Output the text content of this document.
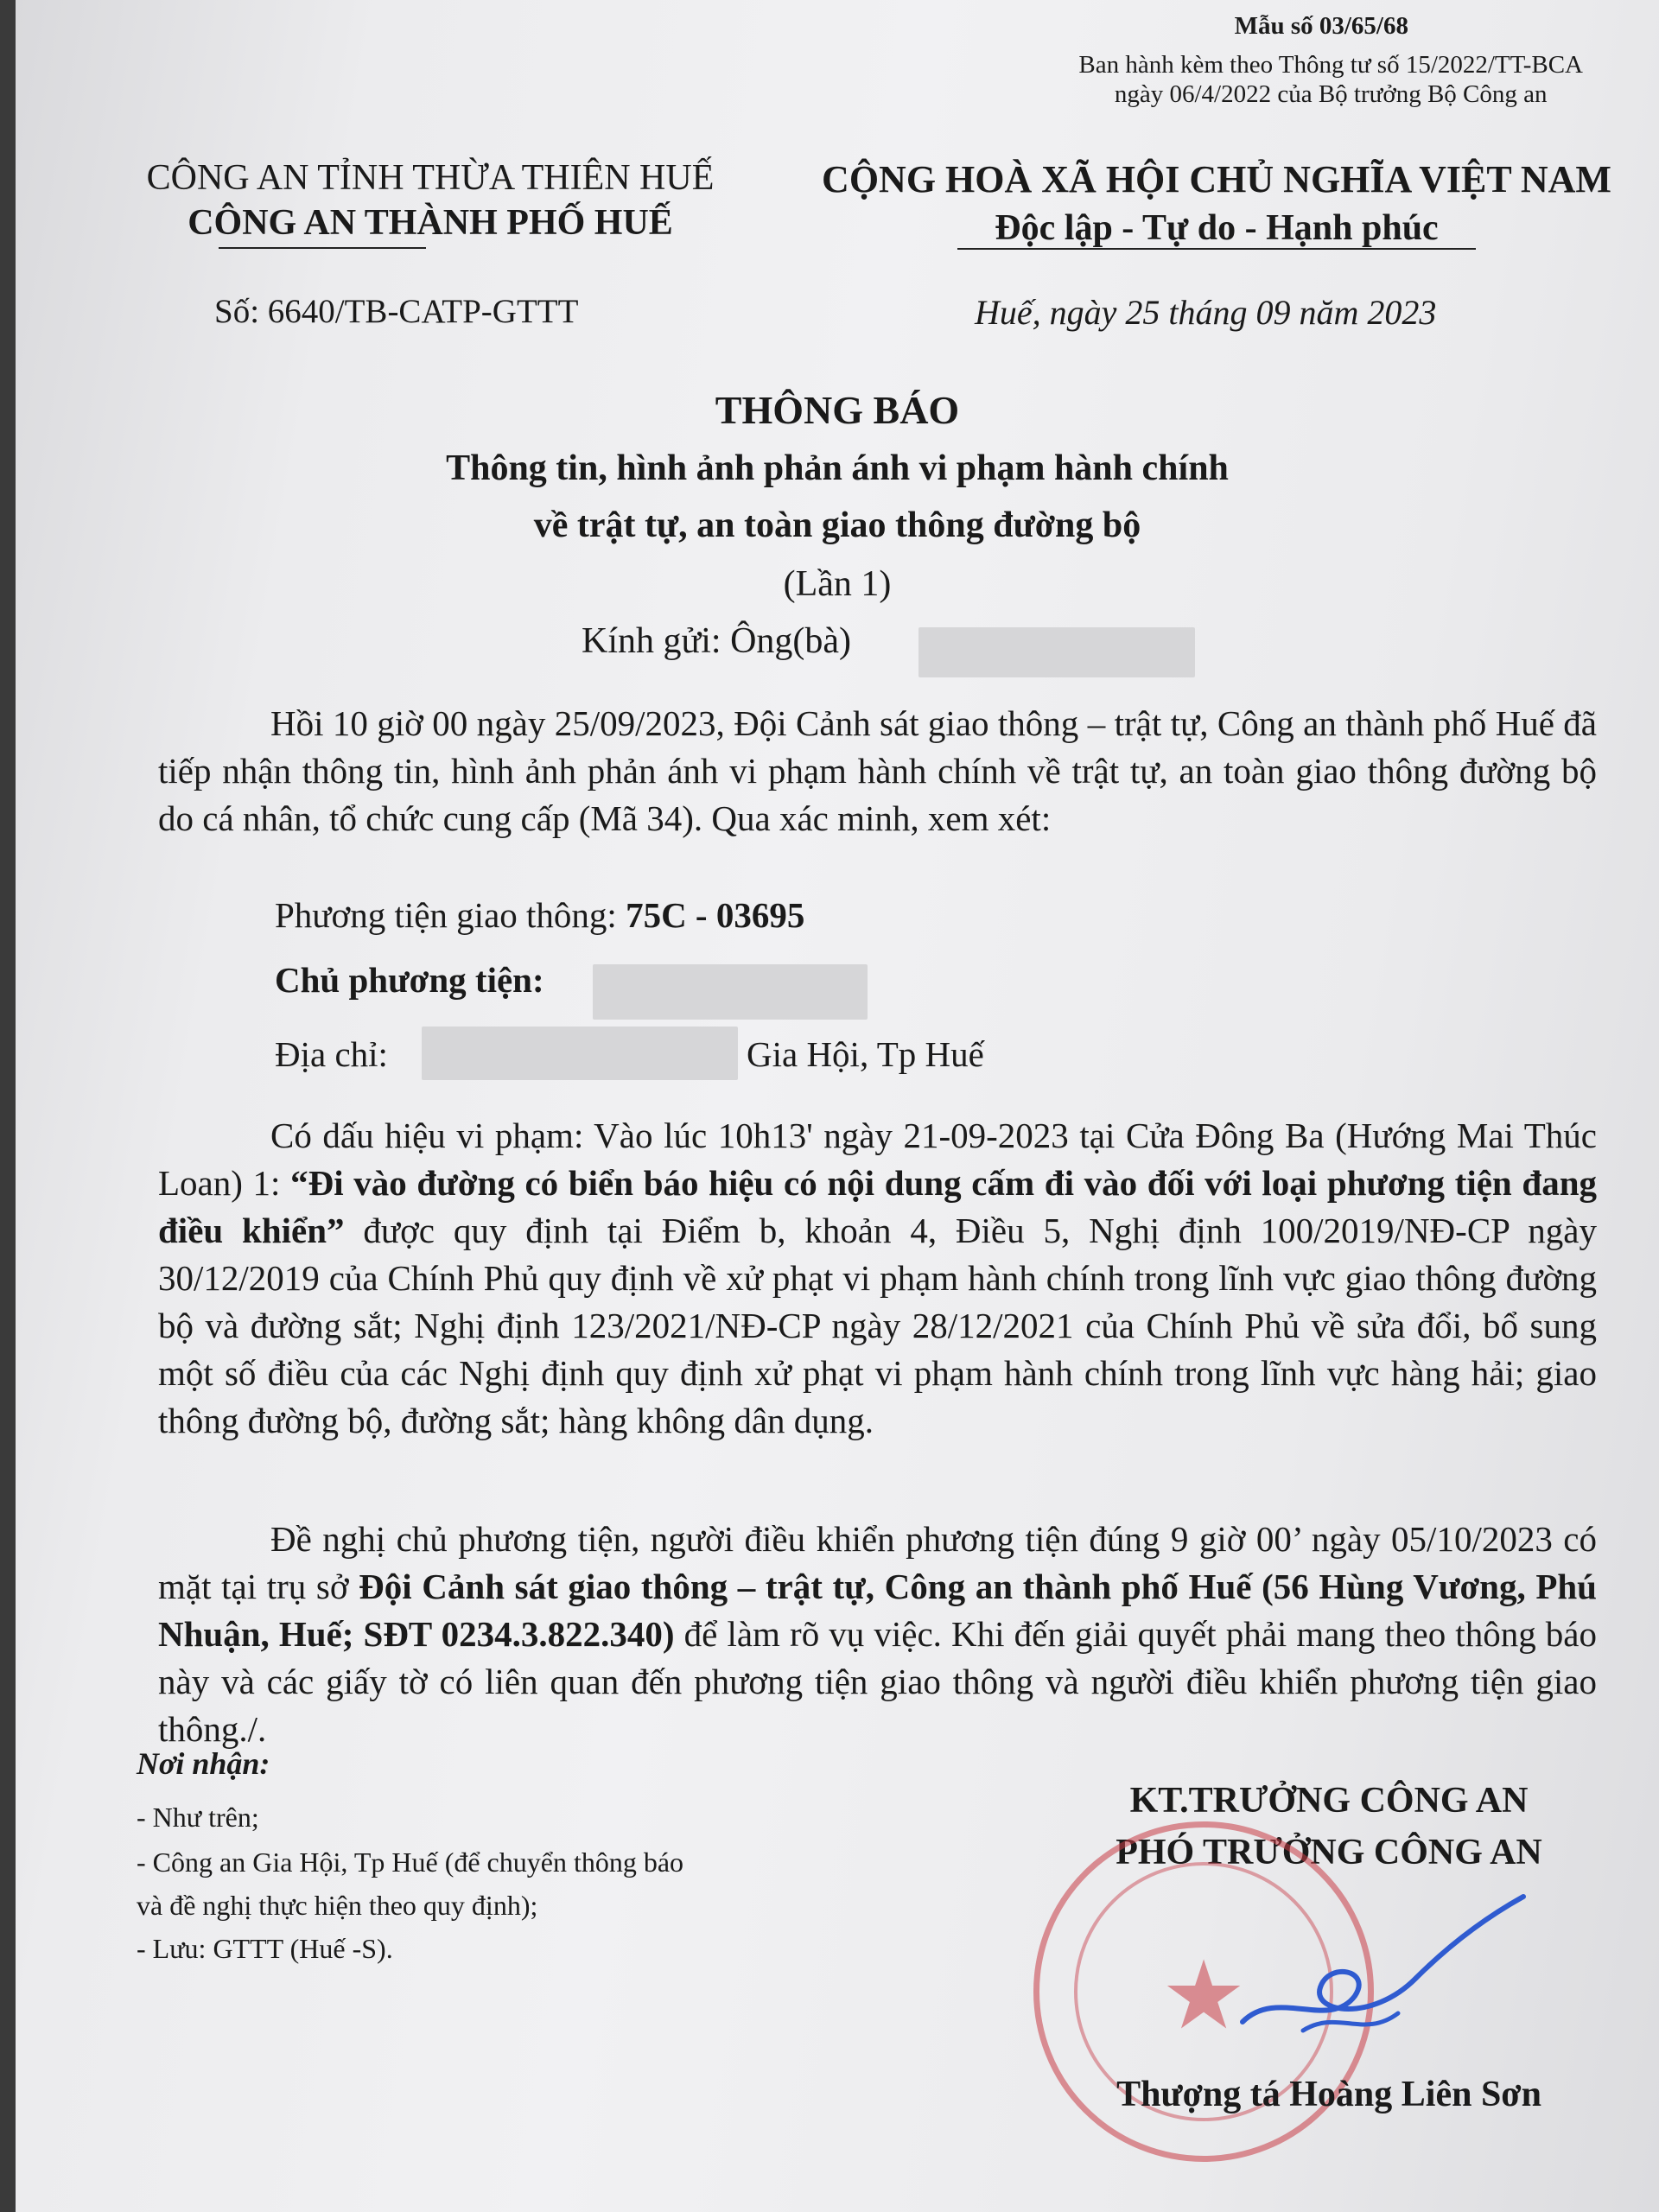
Mẫu số 03/65/68
Ban hành kèm theo Thông tư số 15/2022/TT-BCA
ngày 06/4/2022 của Bộ trưởng Bộ Công an
CÔNG AN TỈNH THỪA THIÊN HUẾ
CÔNG AN THÀNH PHỐ HUẾ
CỘNG HOÀ XÃ HỘI CHỦ NGHĨA VIỆT NAM
Độc lập - Tự do - Hạnh phúc
Số: 6640/TB-CATP-GTTT	Huế, ngày 25 tháng 09 năm 2023
THÔNG BÁO
Thông tin, hình ảnh phản ánh vi phạm hành chính
về trật tự, an toàn giao thông đường bộ
(Lần 1)
Kính gửi: Ông(bà)
Hồi 10 giờ 00 ngày 25/09/2023, Đội Cảnh sát giao thông – trật tự, Công an thành phố Huế đã tiếp nhận thông tin, hình ảnh phản ánh vi phạm hành chính về trật tự, an toàn giao thông đường bộ do cá nhân, tổ chức cung cấp (Mã 34). Qua xác minh, xem xét:
Phương tiện giao thông: 75C - 03695
Chủ phương tiện:
Địa chỉ:	Gia Hội, Tp Huế
Có dấu hiệu vi phạm: Vào lúc 10h13' ngày 21-09-2023 tại Cửa Đông Ba (Hướng Mai Thúc Loan) 1: “Đi vào đường có biển báo hiệu có nội dung cấm đi vào đối với loại phương tiện đang điều khiển” được quy định tại Điểm b, khoản 4, Điều 5, Nghị định 100/2019/NĐ-CP ngày 30/12/2019 của Chính Phủ quy định về xử phạt vi phạm hành chính trong lĩnh vực giao thông đường bộ và đường sắt; Nghị định 123/2021/NĐ-CP ngày 28/12/2021 của Chính Phủ về sửa đổi, bổ sung một số điều của các Nghị định quy định xử phạt vi phạm hành chính trong lĩnh vực hàng hải; giao thông đường bộ, đường sắt; hàng không dân dụng.
Đề nghị chủ phương tiện, người điều khiển phương tiện đúng 9 giờ 00’ ngày 05/10/2023 có mặt tại trụ sở Đội Cảnh sát giao thông – trật tự, Công an thành phố Huế (56 Hùng Vương, Phú Nhuận, Huế; SĐT 0234.3.822.340) để làm rõ vụ việc. Khi đến giải quyết phải mang theo thông báo này và các giấy tờ có liên quan đến phương tiện giao thông và người điều khiển phương tiện giao thông./.
Nơi nhận:
- Như trên;
- Công an Gia Hội, Tp Huế (để chuyển thông báo
và đề nghị thực hiện theo quy định);
- Lưu: GTTT (Huế -S).
KT.TRƯỞNG CÔNG AN
PHÓ TRƯỞNG CÔNG AN
★
Thượng tá Hoàng Liên Sơn
